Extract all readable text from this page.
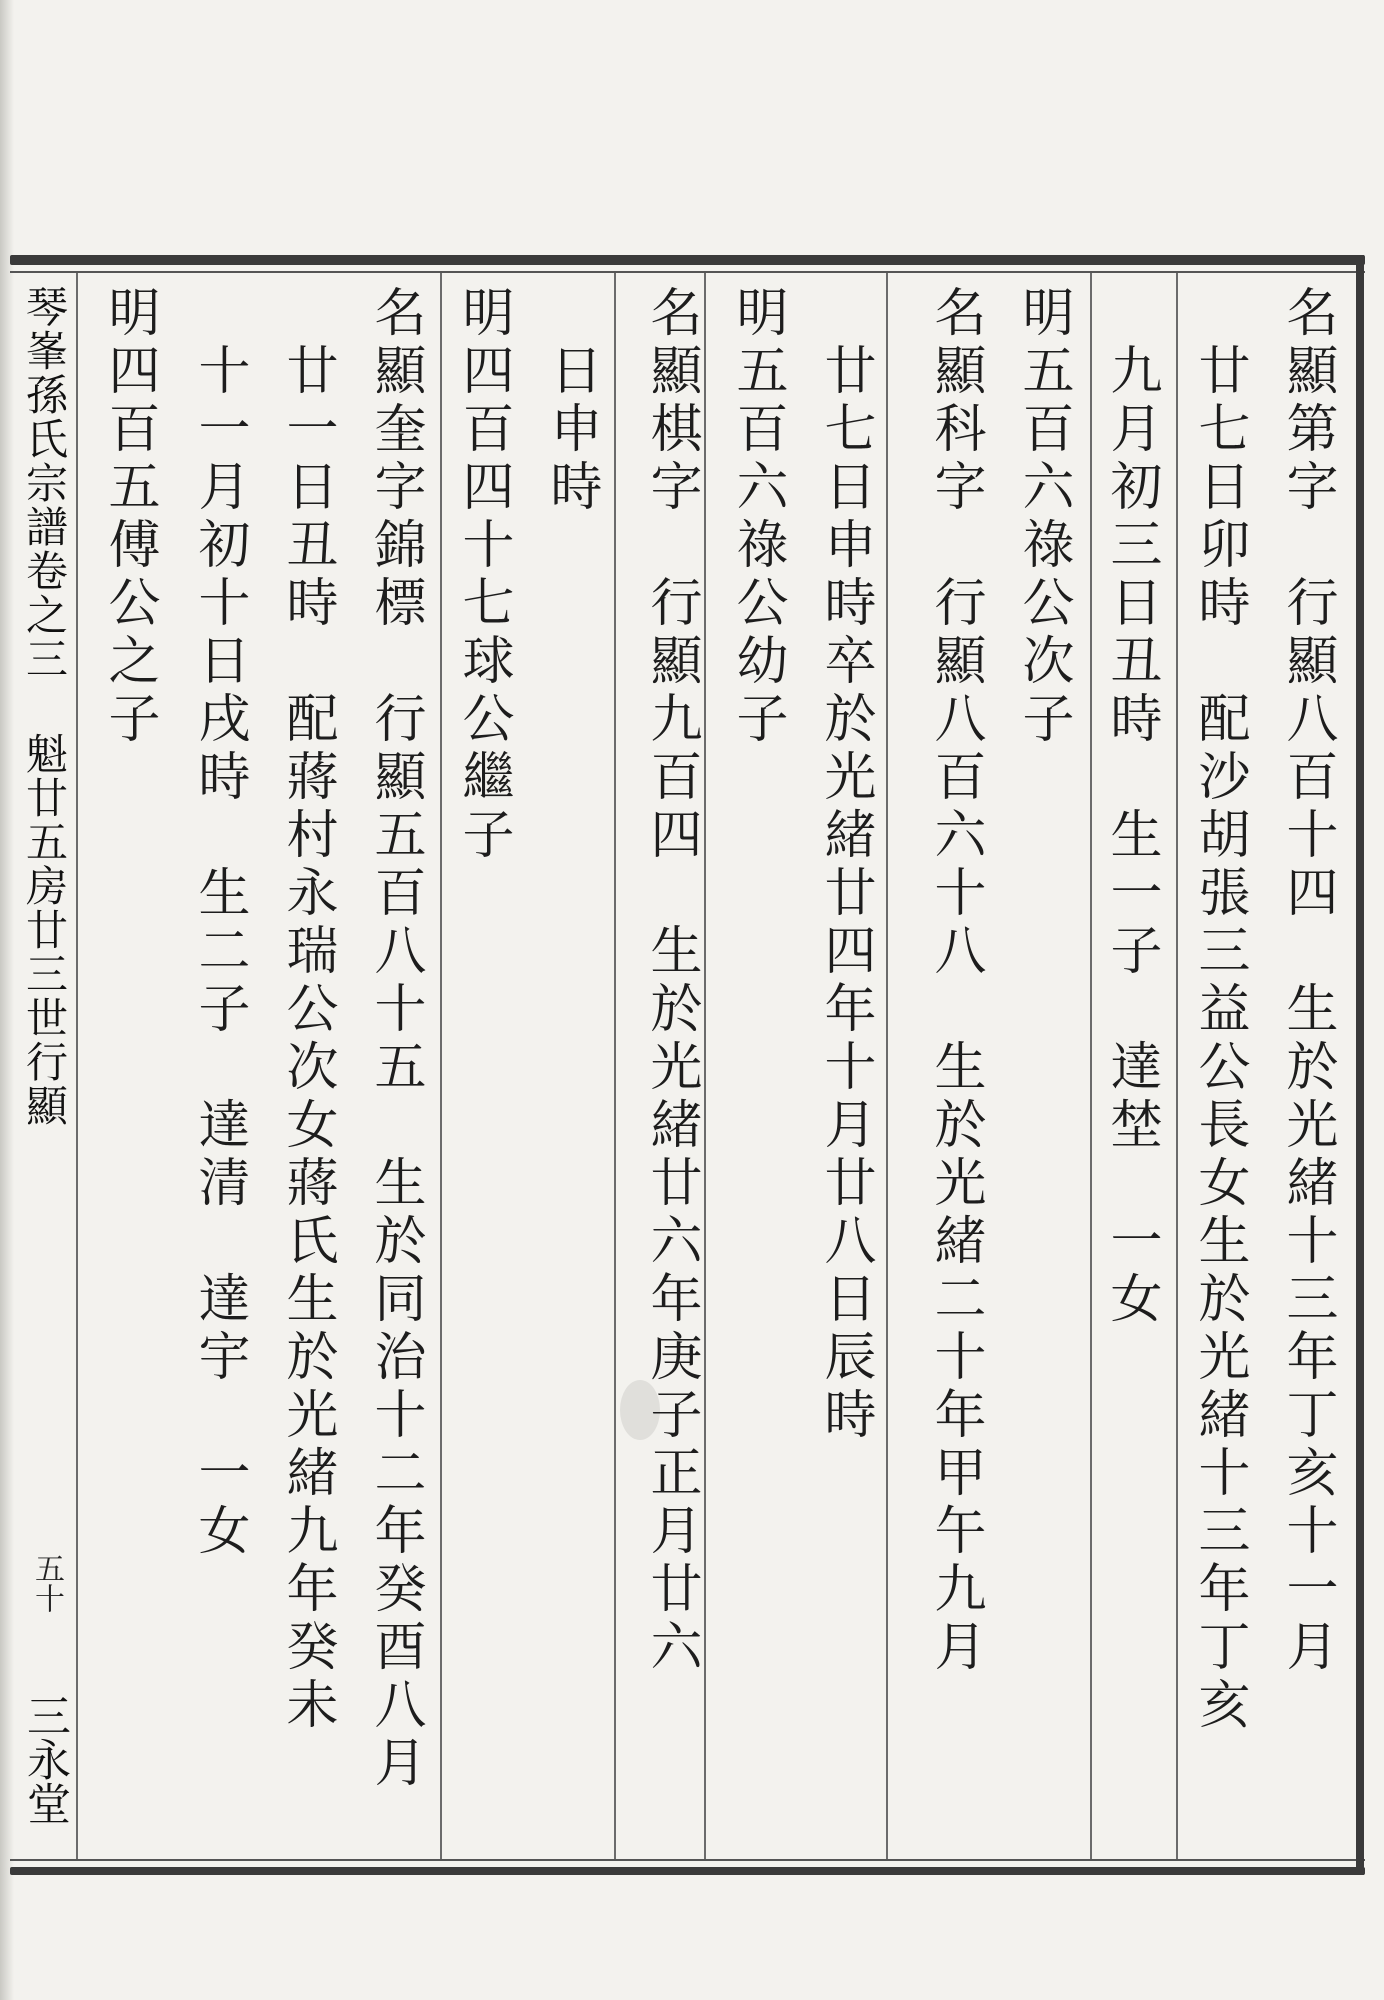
琴峯孫氏宗譜卷之三 魁廿五房廿三世行顯
五十
三永堂
名顯第字　行顯八百十四　生於光緒十三年丁亥十一月
　廿七日卯時　配沙胡張三益公長女生於光緒十三年丁亥
　九月初三日丑時　生一子　達埜　一女
明五百六祿公次子
名顯科字　行顯八百六十八　生於光緒二十年甲午九月
　廿七日申時卒於光緒廿四年十月廿八日辰時
明五百六祿公幼子
名顯棋字　行顯九百四　生於光緒廿六年庚子正月廿六
　日申時
明四百四十七球公繼子
名顯奎字錦標　行顯五百八十五　生於同治十二年癸酉八月
　廿一日丑時　配蔣村永瑞公次女蔣氏生於光緒九年癸未
　十一月初十日戌時　生二子　達清　達宇　一女
明四百五傅公之子
